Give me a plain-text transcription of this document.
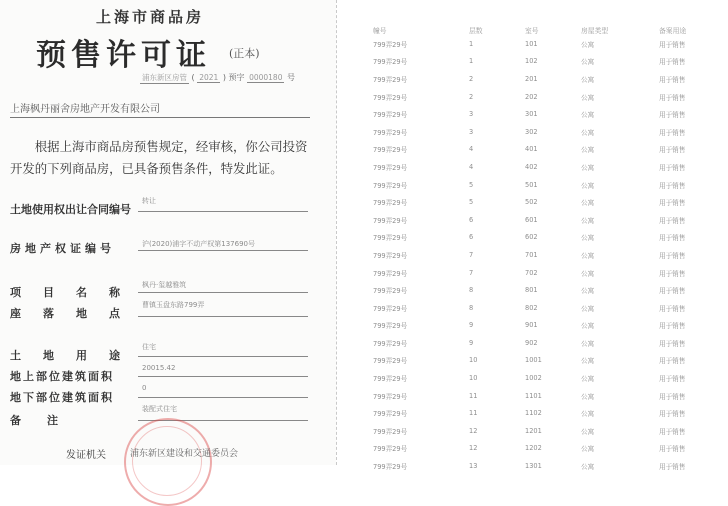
上海市商品房
预售许可证 (正本)
浦东新区房管 ( 2021 ) 预字 0000180 号
上海枫丹丽舍房地产开发有限公司
根据上海市商品房预售规定，经审核，你公司投资开发的下列商品房，已具备预售条件，特发此证。
土地使用权出让合同编号
转让
房地产权证编号	沪(2020)浦字不动产权第137690号
项目名称
枫丹·玺越雅筑
座落地点
曹镇玉盘东路799弄
土地用途
住宅
地上部位建筑面积
20015.42
地下部位建筑面积
0
备注
装配式住宅
发证机关	浦东新区建设和交通委员会
幢号	层数	室号	房屋类型	备案用途
799弄29号	1	101	公寓	用于销售
799弄29号	1	102	公寓	用于销售
799弄29号	2	201	公寓	用于销售
799弄29号	2	202	公寓	用于销售
799弄29号	3	301	公寓	用于销售
799弄29号	3	302	公寓	用于销售
799弄29号	4	401	公寓	用于销售
799弄29号	4	402	公寓	用于销售
799弄29号	5	501	公寓	用于销售
799弄29号	5	502	公寓	用于销售
799弄29号	6	601	公寓	用于销售
799弄29号	6	602	公寓	用于销售
799弄29号	7	701	公寓	用于销售
799弄29号	7	702	公寓	用于销售
799弄29号	8	801	公寓	用于销售
799弄29号	8	802	公寓	用于销售
799弄29号	9	901	公寓	用于销售
799弄29号	9	902	公寓	用于销售
799弄29号	10	1001	公寓	用于销售
799弄29号	10	1002	公寓	用于销售
799弄29号	11	1101	公寓	用于销售
799弄29号	11	1102	公寓	用于销售
799弄29号	12	1201	公寓	用于销售
799弄29号	12	1202	公寓	用于销售
799弄29号	13	1301	公寓	用于销售
